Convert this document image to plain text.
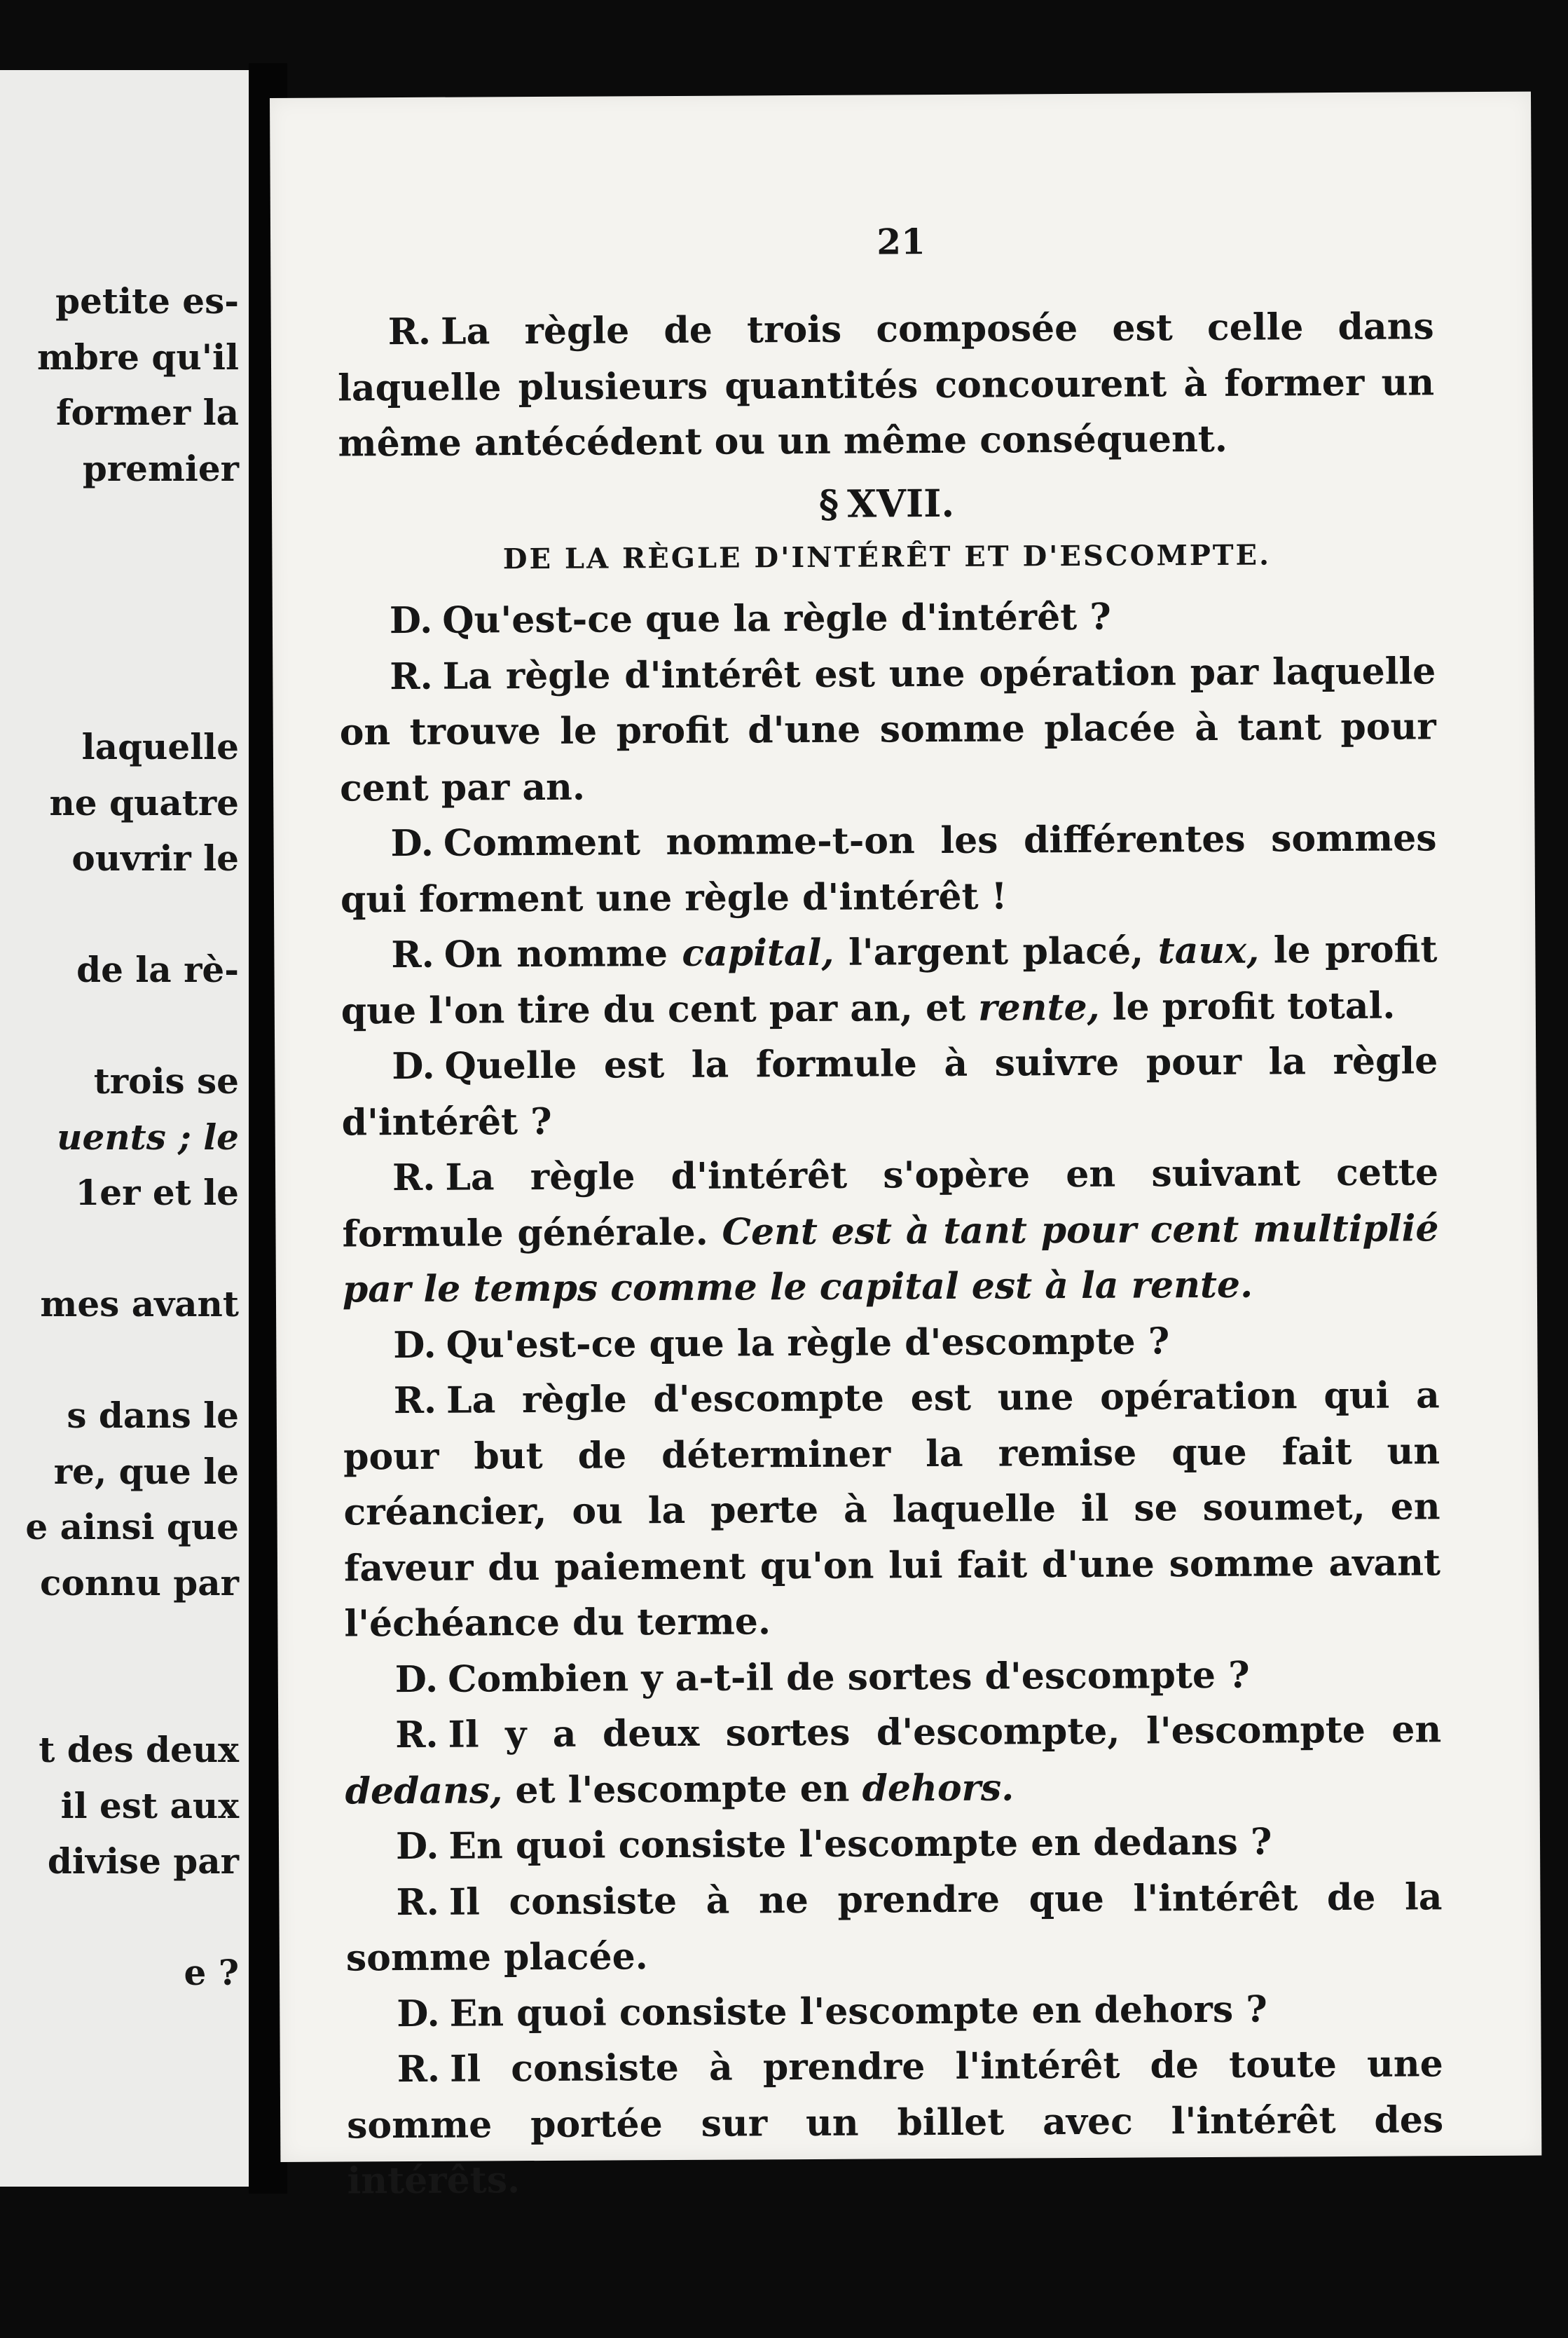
petite es-
mbre qu'il
former la
premier
laquelle
ne quatre
ouvrir le
de la rè-
trois se
uents ; le
1er et le
mes avant
s dans le
re, que le
e ainsi que
connu par
t des deux
il est aux
divise par
e ?
21

R. La règle de trois composée est celle dans laquelle plusieurs quantités concourent à former un même antécédent ou un même conséquent.

§ XVII.
DE LA RÈGLE D'INTÉRÊT ET D'ESCOMPTE.

D. Qu'est-ce que la règle d'intérêt ?

R. La règle d'intérêt est une opération par laquelle on trouve le profit d'une somme placée à tant pour cent par an.

D. Comment nomme-t-on les différentes sommes qui forment une règle d'intérêt !

R. On nomme capital, l'argent placé, taux, le profit que l'on tire du cent par an, et rente, le profit total.

D. Quelle est la formule à suivre pour la règle d'intérêt ?

R. La règle d'intérêt s'opère en suivant cette formule générale. Cent est à tant pour cent multiplié par le temps comme le capital est à la rente.

D. Qu'est-ce que la règle d'escompte ?

R. La règle d'escompte est une opération qui a pour but de déterminer la remise que fait un créancier, ou la perte à laquelle il se soumet, en faveur du paiement qu'on lui fait d'une somme avant l'échéance du terme.

D. Combien y a-t-il de sortes d'escompte ?

R. Il y a deux sortes d'escompte, l'escompte en dedans, et l'escompte en dehors.

D. En quoi consiste l'escompte en dedans ?

R. Il consiste à ne prendre que l'intérêt de la somme placée.

D. En quoi consiste l'escompte en dehors ?

R. Il consiste à prendre l'intérêt de toute une somme portée sur un billet avec l'intérêt des intérêts.
